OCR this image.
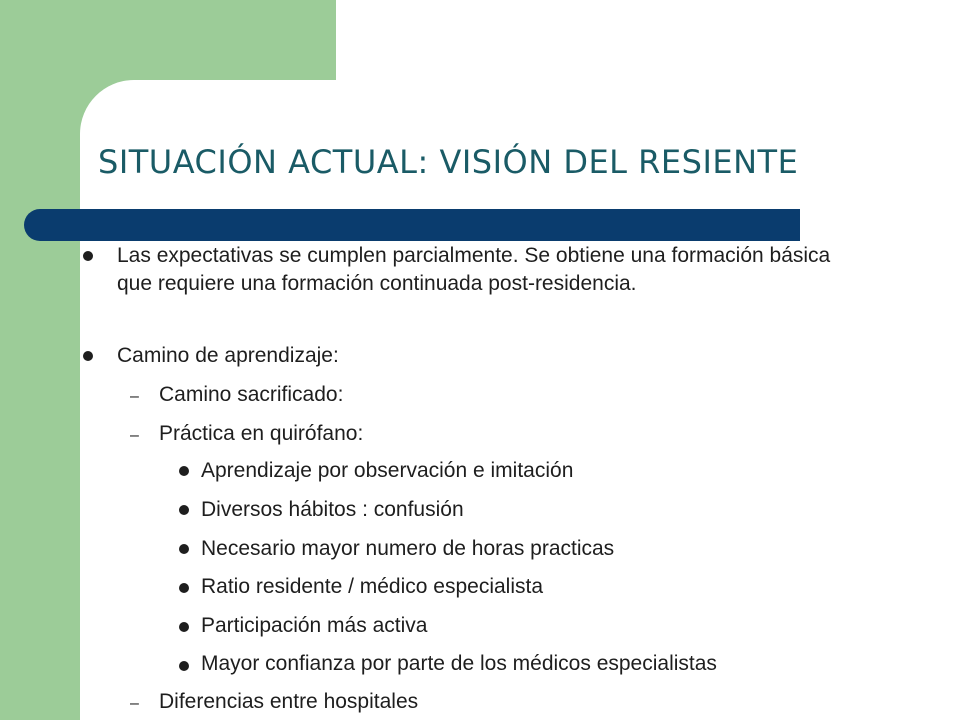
SITUACIÓN ACTUAL: VISIÓN DEL RESIENTE
Las expectativas se cumplen parcialmente. Se obtiene una formación básica que requiere una formación continuada post-residencia.
Camino de aprendizaje:
– Camino sacrificado:
– Práctica en quirófano:
Aprendizaje por observación e imitación
Diversos hábitos : confusión
Necesario mayor numero de horas practicas
Ratio residente / médico especialista
Participación más activa
Mayor confianza por parte de los médicos especialistas
– Diferencias entre hospitales
